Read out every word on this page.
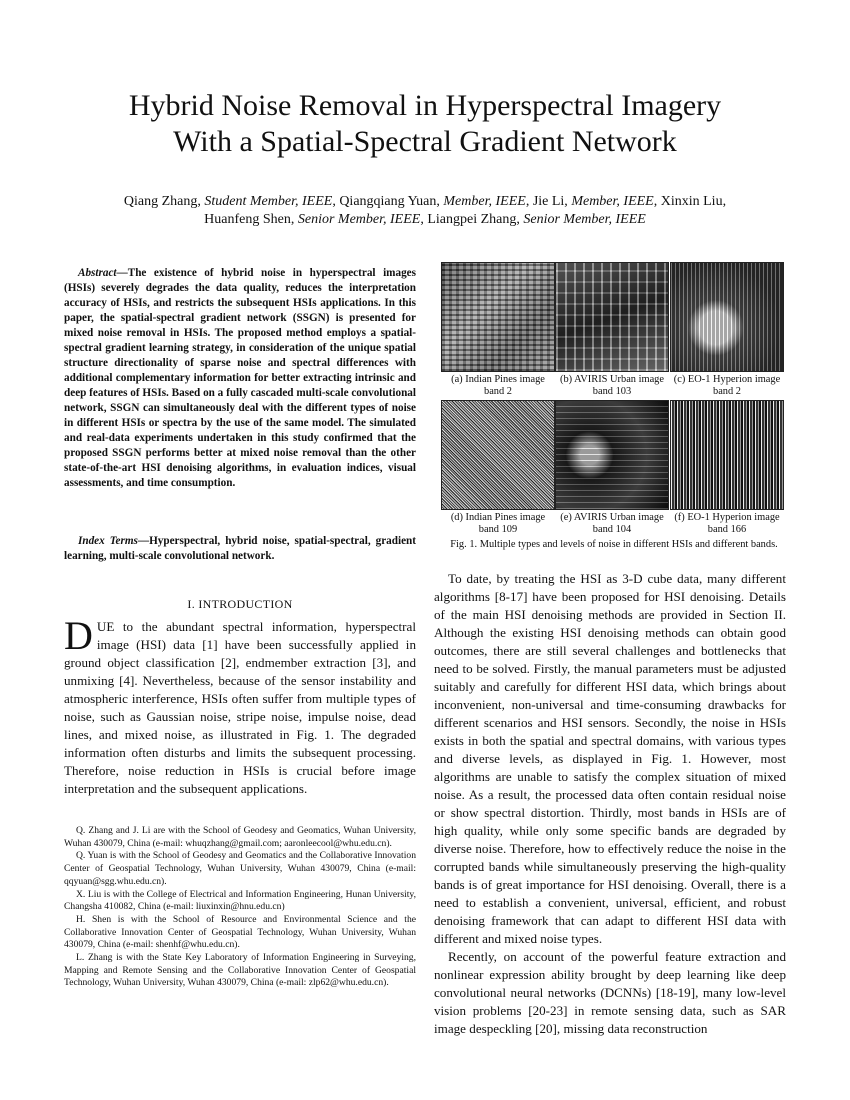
Hybrid Noise Removal in Hyperspectral Imagery
With a Spatial-Spectral Gradient Network
Qiang Zhang, Student Member, IEEE, Qiangqiang Yuan, Member, IEEE, Jie Li, Member, IEEE, Xinxin Liu,
Huanfeng Shen, Senior Member, IEEE, Liangpei Zhang, Senior Member, IEEE

Abstract—The existence of hybrid noise in hyperspectral images (HSIs) severely degrades the data quality, reduces the interpretation accuracy of HSIs, and restricts the subsequent HSIs applications. In this paper, the spatial-spectral gradient network (SSGN) is presented for mixed noise removal in HSIs. The proposed method employs a spatial-spectral gradient learning strategy, in consideration of the unique spatial structure directionality of sparse noise and spectral differences with additional complementary information for better extracting intrinsic and deep features of HSIs. Based on a fully cascaded multi-scale convolutional network, SSGN can simultaneously deal with the different types of noise in different HSIs or spectra by the use of the same model. The simulated and real-data experiments undertaken in this study confirmed that the proposed SSGN performs better at mixed noise removal than the other state-of-the-art HSI denoising algorithms, in evaluation indices, visual assessments, and time consumption.

Index Terms—Hyperspectral, hybrid noise, spatial-spectral, gradient learning, multi-scale convolutional network.

I. INTRODUCTION

DUE to the abundant spectral information, hyperspectral image (HSI) data [1] have been successfully applied in ground object classification [2], endmember extraction [3], and unmixing [4]. Nevertheless, because of the sensor instability and atmospheric interference, HSIs often suffer from multiple types of noise, such as Gaussian noise, stripe noise, impulse noise, dead lines, and mixed noise, as illustrated in Fig. 1. The degraded information often disturbs and limits the subsequent processing. Therefore, noise reduction in HSIs is crucial before image interpretation and the subsequent applications.

Q. Zhang and J. Li are with the School of Geodesy and Geomatics, Wuhan University, Wuhan 430079, China (e-mail: whuqzhang@gmail.com; aaronleecool@whu.edu.cn).

Q. Yuan is with the School of Geodesy and Geomatics and the Collaborative Innovation Center of Geospatial Technology, Wuhan University, Wuhan 430079, China (e-mail: qqyuan@sgg.whu.edu.cn).

X. Liu is with the College of Electrical and Information Engineering, Hunan University, Changsha 410082, China (e-mail: liuxinxin@hnu.edu.cn)

H. Shen is with the School of Resource and Environmental Science and the Collaborative Innovation Center of Geospatial Technology, Wuhan University, Wuhan 430079, China (e-mail: shenhf@whu.edu.cn).

L. Zhang is with the State Key Laboratory of Information Engineering in Surveying, Mapping and Remote Sensing and the Collaborative Innovation Center of Geospatial Technology, Wuhan University, Wuhan 430079, China (e-mail: zlp62@whu.edu.cn).

(a) Indian Pines image
band 2
(b) AVIRIS Urban image
band 103
(c) EO-1 Hyperion image
band 2
(d) Indian Pines image
band 109
(e) AVIRIS Urban image
band 104
(f) EO-1 Hyperion image
band 166
Fig. 1. Multiple types and levels of noise in different HSIs and different bands.

To date, by treating the HSI as 3-D cube data, many different algorithms [8-17] have been proposed for HSI denoising. Details of the main HSI denoising methods are provided in Section II. Although the existing HSI denoising methods can obtain good outcomes, there are still several challenges and bottlenecks that need to be solved. Firstly, the manual parameters must be adjusted suitably and carefully for different HSI data, which brings about inconvenient, non-universal and time-consuming drawbacks for different scenarios and HSI sensors. Secondly, the noise in HSIs exists in both the spatial and spectral domains, with various types and diverse levels, as displayed in Fig. 1. However, most algorithms are unable to satisfy the complex situation of mixed noise. As a result, the processed data often contain residual noise or show spectral distortion. Thirdly, most bands in HSIs are of high quality, while only some specific bands are degraded by diverse noise. Therefore, how to effectively reduce the noise in the corrupted bands while simultaneously preserving the high-quality bands is of great importance for HSI denoising. Overall, there is a need to establish a convenient, universal, efficient, and robust denoising framework that can adapt to different HSI data with different and mixed noise types.

Recently, on account of the powerful feature extraction and nonlinear expression ability brought by deep learning like deep convolutional neural networks (DCNNs) [18-19], many low-level vision problems [20-23] in remote sensing data, such as SAR image despeckling [20], missing data reconstruction
